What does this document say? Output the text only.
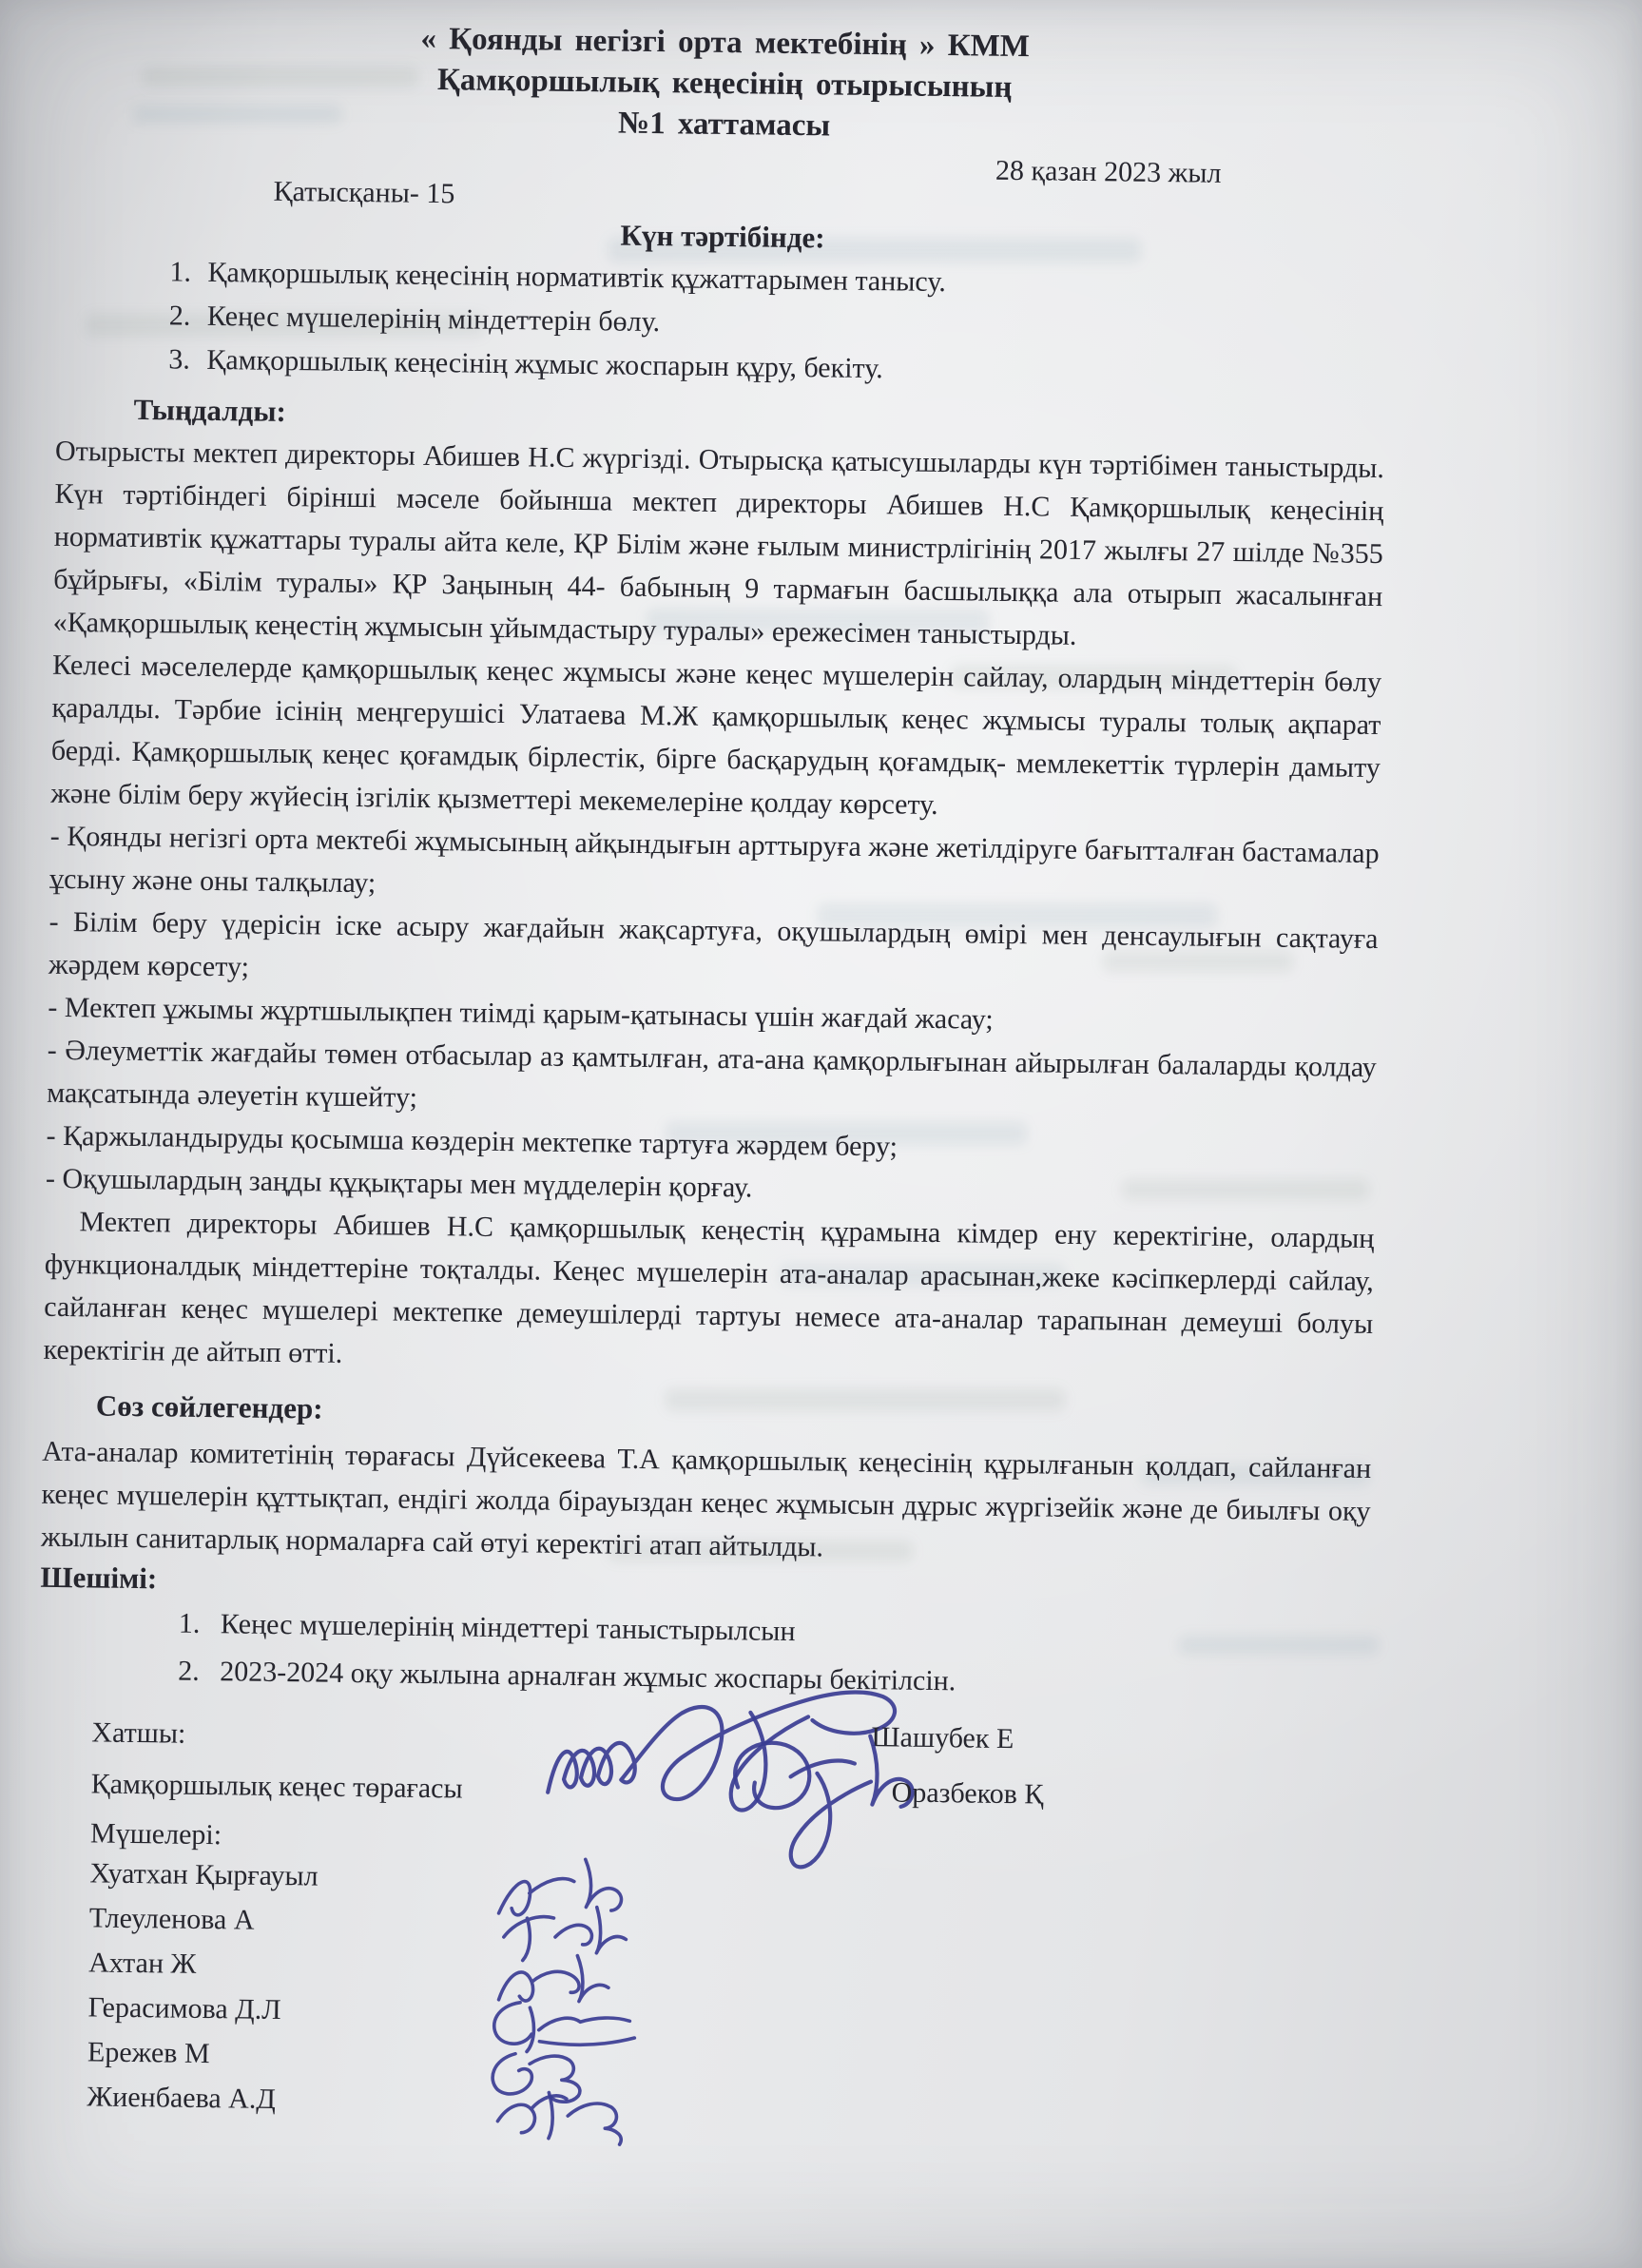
« Қоянды негізгі орта мектебінің » КММ
Қамқоршылық кеңесінің отырысының
№1 хаттамасы
28 қазан 2023 жыл
Қатысқаны- 15
Күн тәртібінде:
1. Қамқоршылық кеңесінің нормативтік құжаттарымен танысу.
2. Кеңес мүшелерінің міндеттерін бөлу.
3. Қамқоршылық кеңесінің жұмыс жоспарын құру, бекіту.
Тыңдалды:

Отырысты мектеп директоры Абишев Н.С жүргізді. Отырысқа қатысушыларды күн тәртібімен таныстырды. Күн тәртібіндегі бірінші мәселе бойынша мектеп директоры Абишев Н.С Қамқоршылық кеңесінің нормативтік құжаттары туралы айта келе, ҚР Білім және ғылым министрлігінің 2017 жылғы 27 шілде №355 бұйрығы, «Білім туралы» ҚР Заңының 44- бабының 9 тармағын басшылыққа ала отырып жасалынған «Қамқоршылық кеңестің жұмысын ұйымдастыру туралы» ережесімен таныстырды.

Келесі мәселелерде қамқоршылық кеңес жұмысы және кеңес мүшелерін сайлау, олардың міндеттерін бөлу қаралды. Тәрбие ісінің меңгерушісі Улатаева М.Ж қамқоршылық кеңес жұмысы туралы толық ақпарат берді. Қамқоршылық кеңес қоғамдық бірлестік, бірге басқарудың қоғамдық- мемлекеттік түрлерін дамыту және білім беру жүйесің ізгілік қызметтері мекемелеріне қолдау көрсету.

- Қоянды негізгі орта мектебі жұмысының айқындығын арттыруға және жетілдіруге бағытталған бастамалар ұсыну және оны талқылау;

- Білім беру үдерісін іске асыру жағдайын жақсартуға, оқушылардың өмірі мен денсаулығын сақтауға жәрдем көрсету;

- Мектеп ұжымы жұртшылықпен тиімді қарым-қатынасы үшін жағдай жасау;

- Әлеуметтік жағдайы төмен отбасылар аз қамтылған, ата-ана қамқорлығынан айырылған балаларды қолдау мақсатында әлеуетін күшейту;

- Қаржыландыруды қосымша көздерін мектепке тартуға жәрдем беру;

- Оқушылардың заңды құқықтары мен мүдделерін қорғау.

Мектеп директоры Абишев Н.С қамқоршылық кеңестің құрамына кімдер ену керектігіне, олардың функционалдық міндеттеріне тоқталды. Кеңес мүшелерін ата-аналар арасынан,жеке кәсіпкерлерді сайлау, сайланған кеңес мүшелері мектепке демеушілерді тартуы немесе ата-аналар тарапынан демеуші болуы керектігін де айтып өтті.

Сөз сөйлегендер:

Ата-аналар комитетінің төрағасы Дүйсекеева Т.А қамқоршылық кеңесінің құрылғанын қолдап, сайланған кеңес мүшелерін құттықтап, ендігі жолда бірауыздан кеңес жұмысын дұрыс жүргізейік және де биылғы оқу жылын санитарлық нормаларға сай өтуі керектігі атап айтылды.

Шешімі:
1. Кеңес мүшелерінің міндеттері таныстырылсын
2. 2023-2024 оқу жылына арналған жұмыс жоспары бекітілсін.
Хатшы:	Шашубек Е
Қамқоршылық кеңес төрағасы	Оразбеков Қ
Мүшелері:
Хуатхан Қырғауыл
Тлеуленова А
Ахтан Ж
Герасимова Д.Л
Ережев М
Жиенбаева А.Д
